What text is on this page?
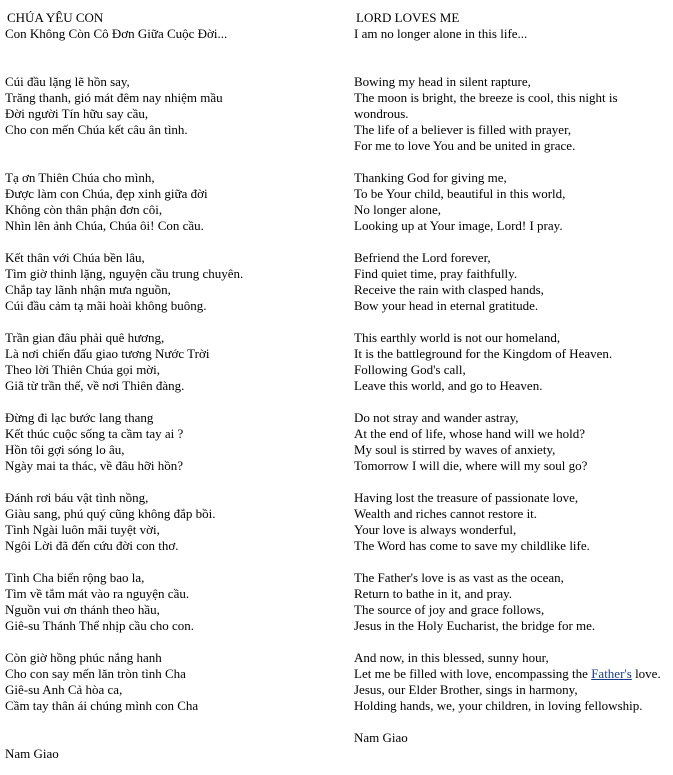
CHÚA YÊU CON
Con Không Còn Cô Đơn Giữa Cuộc Đời...
Cúi đầu lặng lẽ hồn say,
Trăng thanh, gió mát đêm nay nhiệm mầu
Đời người Tín hữu say cầu,
Cho con mến Chúa kết câu ân tình.
Tạ ơn Thiên Chúa cho mình,
Được làm con Chúa, đẹp xinh giữa đời
Không còn thân phận đơn côi,
Nhìn lên ảnh Chúa, Chúa ôi! Con cầu.
Kết thân với Chúa bền lâu,
Tìm giờ thinh lặng, nguyện cầu trung chuyên.
Chắp tay lãnh nhận mưa nguồn,
Cúi đầu cảm tạ mãi hoài không buông.
Trần gian đâu phải quê hương,
Là nơi chiến đấu giao tương Nước Trời
Theo lời Thiên Chúa gọi mời,
Giã từ trần thế, về nơi Thiên đàng.
Đừng đi lạc bước lang thang
Kết thúc cuộc sống ta cầm tay ai ?
Hồn tôi gợi sóng lo âu,
Ngày mai ta thác, về đâu hỡi hồn?
Đánh rơi báu vật tình nồng,
Giàu sang, phú quý cũng không đắp bồi.
Tình Ngài luôn mãi tuyệt vời,
Ngôi Lời đã đến cứu đời con thơ.
Tình Cha biển rộng bao la,
Tìm về tắm mát vào ra nguyện cầu.
Nguồn vui ơn thánh theo hầu,
Giê-su Thánh Thể nhịp cầu cho con.
Còn giờ hồng phúc nắng hanh
Cho con say mến lăn tròn tình Cha
Giê-su Anh Cả hòa ca,
Cầm tay thân ái chúng mình con Cha
Nam Giao
LORD LOVES ME
I am no longer alone in this life...
Bowing my head in silent rapture,
The moon is bright, the breeze is cool, this night is wondrous.
The life of a believer is filled with prayer,
For me to love You and be united in grace.
Thanking God for giving me,
To be Your child, beautiful in this world,
No longer alone,
Looking up at Your image, Lord! I pray.
Befriend the Lord forever,
Find quiet time, pray faithfully.
Receive the rain with clasped hands,
Bow your head in eternal gratitude.
This earthly world is not our homeland,
It is the battleground for the Kingdom of Heaven.
Following God's call,
Leave this world, and go to Heaven.
Do not stray and wander astray,
At the end of life, whose hand will we hold?
My soul is stirred by waves of anxiety,
Tomorrow I will die, where will my soul go?
Having lost the treasure of passionate love,
Wealth and riches cannot restore it.
Your love is always wonderful,
The Word has come to save my childlike life.
The Father's love is as vast as the ocean,
Return to bathe in it, and pray.
The source of joy and grace follows,
Jesus in the Holy Eucharist, the bridge for me.
And now, in this blessed, sunny hour,
Let me be filled with love, encompassing the Father's love.
Jesus, our Elder Brother, sings in harmony,
Holding hands, we, your children, in loving fellowship.
Nam Giao
